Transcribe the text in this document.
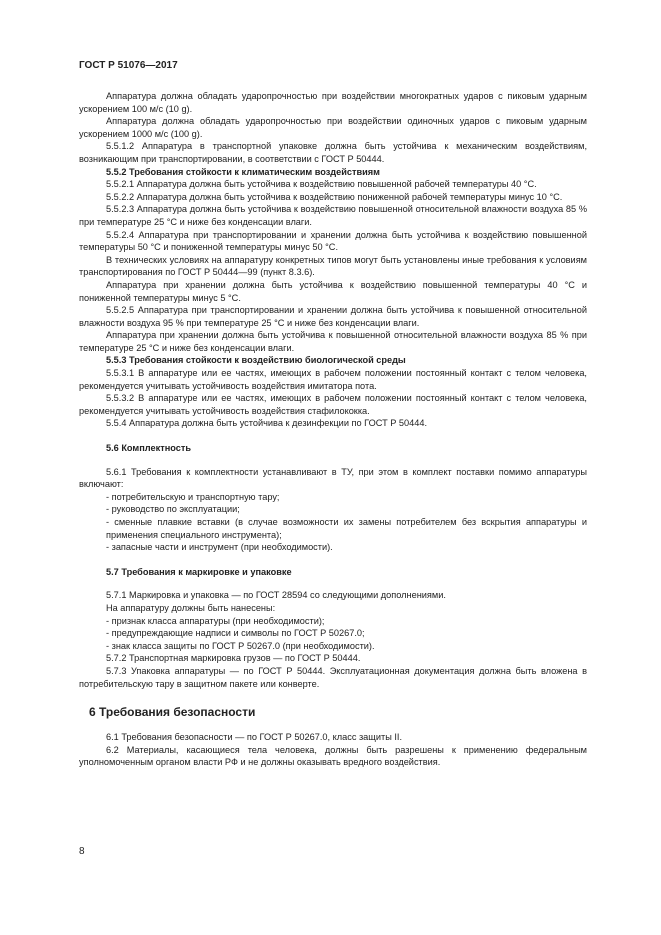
ГОСТ Р 51076—2017

Аппаратура должна обладать ударопрочностью при воздействии многократных ударов с пиковым ударным ускорением 100 м/с (10 g).

Аппаратура должна обладать ударопрочностью при воздействии одиночных ударов с пиковым ударным ускорением 1000 м/с (100 g).

5.5.1.2 Аппаратура в транспортной упаковке должна быть устойчива к механическим воздействиям, возникающим при транспортировании, в соответствии с ГОСТ Р 50444.

5.5.2 Требования стойкости к климатическим воздействиям

5.5.2.1 Аппаратура должна быть устойчива к воздействию повышенной рабочей температуры 40 °С.

5.5.2.2 Аппаратура должна быть устойчива к воздействию пониженной рабочей температуры минус 10 °С.

5.5.2.3 Аппаратура должна быть устойчива к воздействию повышенной относительной влажности воздуха 85 % при температуре 25 °С и ниже без конденсации влаги.

5.5.2.4 Аппаратура при транспортировании и хранении должна быть устойчива к воздействию повышенной температуры 50 °С и пониженной температуры минус 50 °С.

В технических условиях на аппаратуру конкретных типов могут быть установлены иные требования к условиям транспортирования по ГОСТ Р 50444—99 (пункт 8.3.6).

Аппаратура при хранении должна быть устойчива к воздействию повышенной температуры 40 °С и пониженной температуры минус 5 °С.

5.5.2.5 Аппаратура при транспортировании и хранении должна быть устойчива к повышенной относительной влажности воздуха 95 % при температуре 25 °С и ниже без конденсации влаги.

Аппаратура при хранении должна быть устойчива к повышенной относительной влажности воздуха 85 % при температуре 25 °С и ниже без конденсации влаги.

5.5.3 Требования стойкости к воздействию биологической среды

5.5.3.1 В аппаратуре или ее частях, имеющих в рабочем положении постоянный контакт с телом человека, рекомендуется учитывать устойчивость воздействия имитатора пота.

5.5.3.2 В аппаратуре или ее частях, имеющих в рабочем положении постоянный контакт с телом человека, рекомендуется учитывать устойчивость воздействия стафилококка.

5.5.4 Аппаратура должна быть устойчива к дезинфекции по ГОСТ Р 50444.

5.6 Комплектность

5.6.1 Требования к комплектности устанавливают в ТУ, при этом в комплект поставки помимо аппаратуры включают:

- потребительскую и транспортную тару;

- руководство по эксплуатации;

- сменные плавкие вставки (в случае возможности их замены потребителем без вскрытия аппаратуры и применения специального инструмента);

- запасные части и инструмент (при необходимости).

5.7 Требования к маркировке и упаковке

5.7.1 Маркировка и упаковка — по ГОСТ 28594 со следующими дополнениями.

На аппаратуру должны быть нанесены:

- признак класса аппаратуры (при необходимости);

- предупреждающие надписи и символы по ГОСТ Р 50267.0;

- знак класса защиты по ГОСТ Р 50267.0 (при необходимости).

5.7.2 Транспортная маркировка грузов — по ГОСТ Р 50444.

5.7.3 Упаковка аппаратуры — по ГОСТ Р 50444. Эксплуатационная документация должна быть вложена в потребительскую тару в защитном пакете или конверте.

6 Требования безопасности

6.1 Требования безопасности — по ГОСТ Р 50267.0, класс защиты II.

6.2 Материалы, касающиеся тела человека, должны быть разрешены к применению федеральным уполномоченным органом власти РФ и не должны оказывать вредного воздействия.

8
